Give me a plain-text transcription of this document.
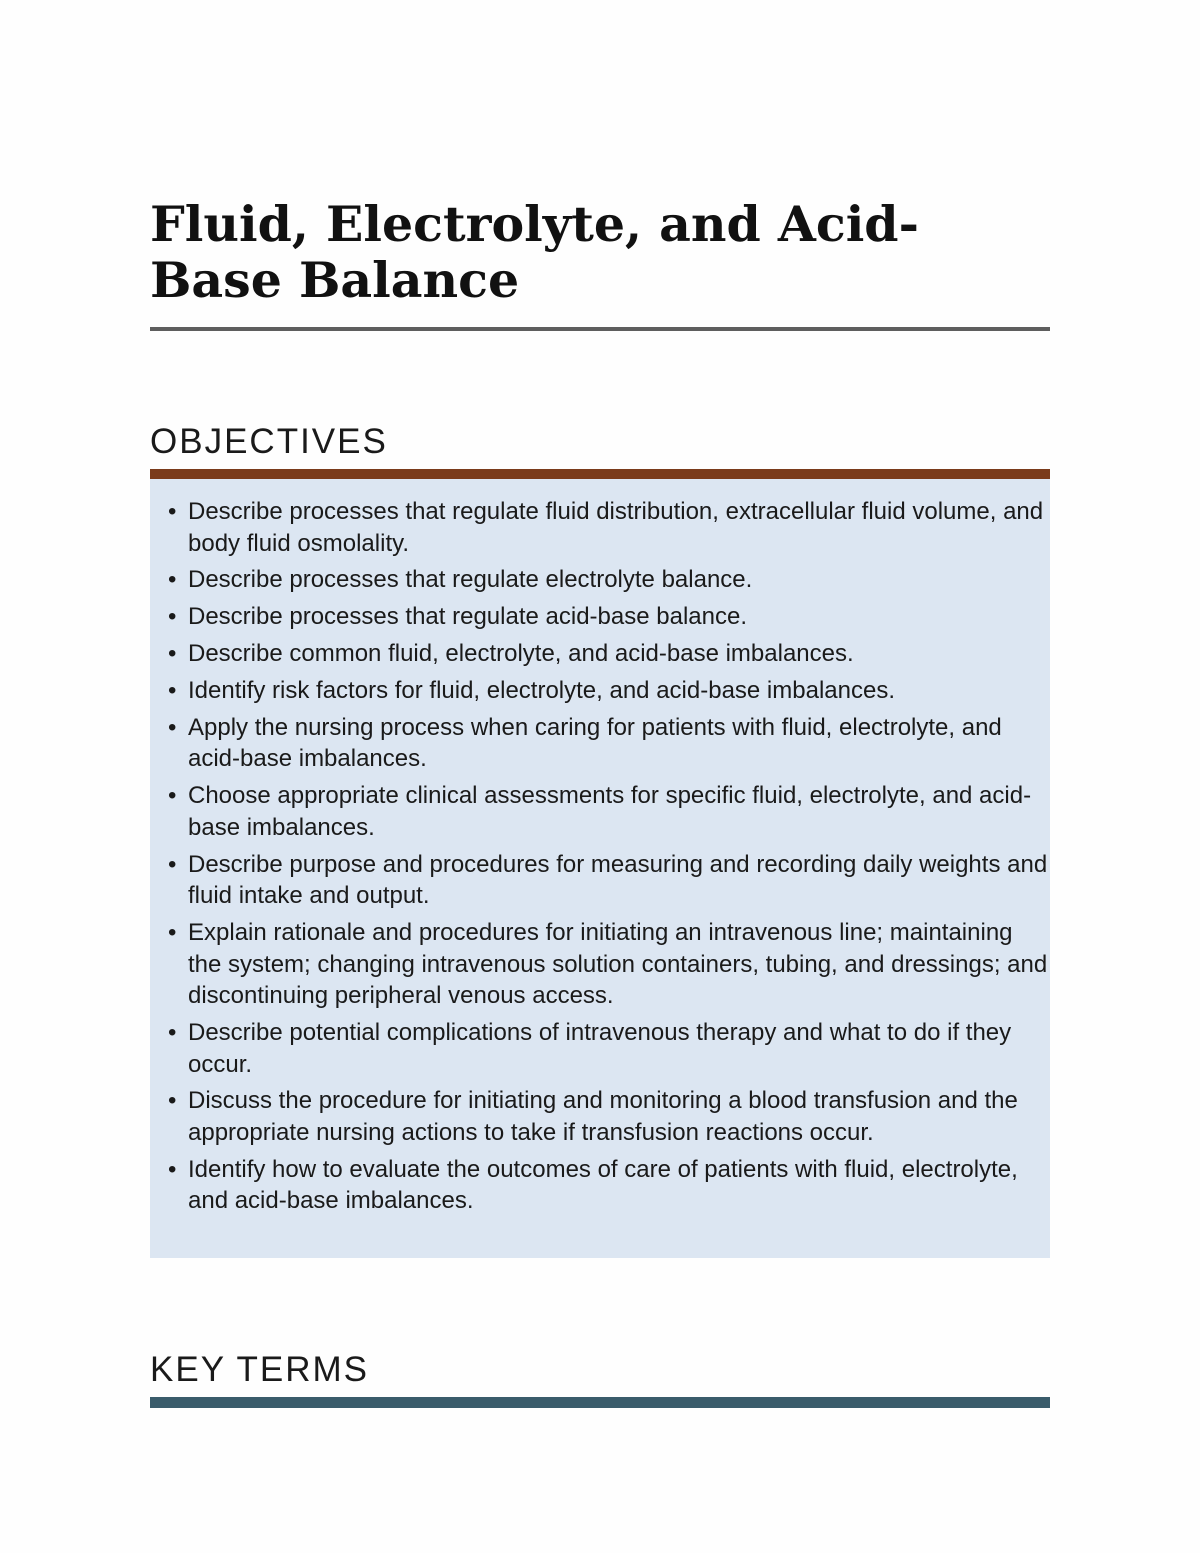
Fluid, Electrolyte, and Acid-Base Balance
OBJECTIVES
• Describe processes that regulate fluid distribution, extracellular fluid volume, and body fluid osmolality.
• Describe processes that regulate electrolyte balance.
• Describe processes that regulate acid-base balance.
• Describe common fluid, electrolyte, and acid-base imbalances.
• Identify risk factors for fluid, electrolyte, and acid-base imbalances.
• Apply the nursing process when caring for patients with fluid, electrolyte, and acid-base imbalances.
• Choose appropriate clinical assessments for specific fluid, electrolyte, and acid-base imbalances.
• Describe purpose and procedures for measuring and recording daily weights and fluid intake and output.
• Explain rationale and procedures for initiating an intravenous line; maintaining the system; changing intravenous solution containers, tubing, and dressings; and discontinuing peripheral venous access.
• Describe potential complications of intravenous therapy and what to do if they occur.
• Discuss the procedure for initiating and monitoring a blood transfusion and the appropriate nursing actions to take if transfusion reactions occur.
• Identify how to evaluate the outcomes of care of patients with fluid, electrolyte, and acid-base imbalances.
KEY TERMS
